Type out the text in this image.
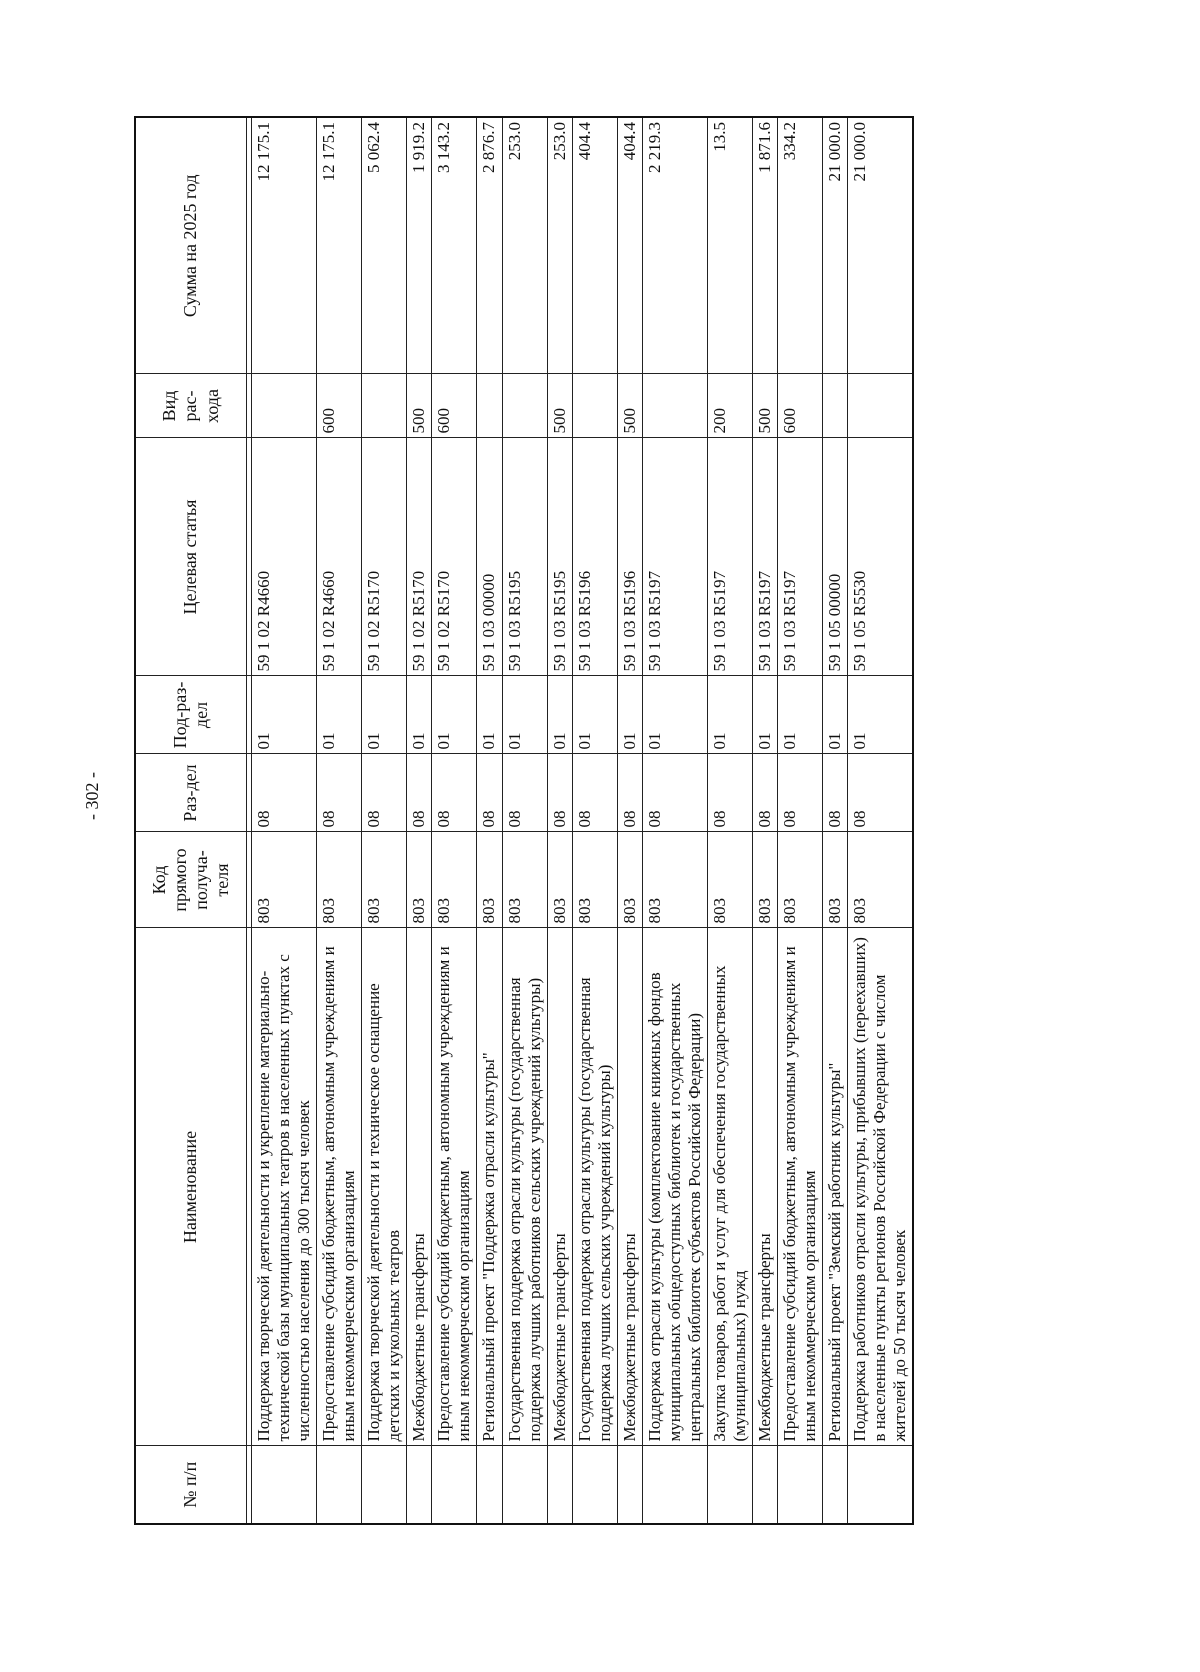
- 302 -
№ п/п	Наименование	Код прямого получа-теля	Раз-дел	Под-раз-дел	Целевая статья	Вид рас-хода	Сумма на 2025 год

	Поддержка творческой деятельности и укрепление материально-технической базы муниципальных театров в населенных пунктах с численностью населения до 300 тысяч человек	803	08	01	59 1 02 R4660		12 175.1
	Предоставление субсидий бюджетным, автономным учреждениям и иным некоммерческим организациям	803	08	01	59 1 02 R4660	600	12 175.1
	Поддержка творческой деятельности и техническое оснащение детских и кукольных театров	803	08	01	59 1 02 R5170		5 062.4
	Межбюджетные трансферты	803	08	01	59 1 02 R5170	500	1 919.2
	Предоставление субсидий бюджетным, автономным учреждениям и иным некоммерческим организациям	803	08	01	59 1 02 R5170	600	3 143.2
	Региональный проект "Поддержка отрасли культуры"	803	08	01	59 1 03 00000		2 876.7
	Государственная поддержка отрасли культуры (государственная поддержка лучших работников сельских учреждений культуры)	803	08	01	59 1 03 R5195		253.0
	Межбюджетные трансферты	803	08	01	59 1 03 R5195	500	253.0
	Государственная поддержка отрасли культуры (государственная поддержка лучших сельских учреждений культуры)	803	08	01	59 1 03 R5196		404.4
	Межбюджетные трансферты	803	08	01	59 1 03 R5196	500	404.4
	Поддержка отрасли культуры (комплектование книжных фондов муниципальных общедоступных библиотек и государственных центральных библиотек субъектов Российской Федерации)	803	08	01	59 1 03 R5197		2 219.3
	Закупка товаров, работ и услуг для обеспечения государственных (муниципальных) нужд	803	08	01	59 1 03 R5197	200	13.5
	Межбюджетные трансферты	803	08	01	59 1 03 R5197	500	1 871.6
	Предоставление субсидий бюджетным, автономным учреждениям и иным некоммерческим организациям	803	08	01	59 1 03 R5197	600	334.2
	Региональный проект "Земский работник культуры"	803	08	01	59 1 05 00000		21 000.0
	Поддержка работников отрасли культуры, прибывших (переехавших) в населенные пункты регионов Российской Федерации с числом жителей до 50 тысяч человек	803	08	01	59 1 05 R5530		21 000.0
